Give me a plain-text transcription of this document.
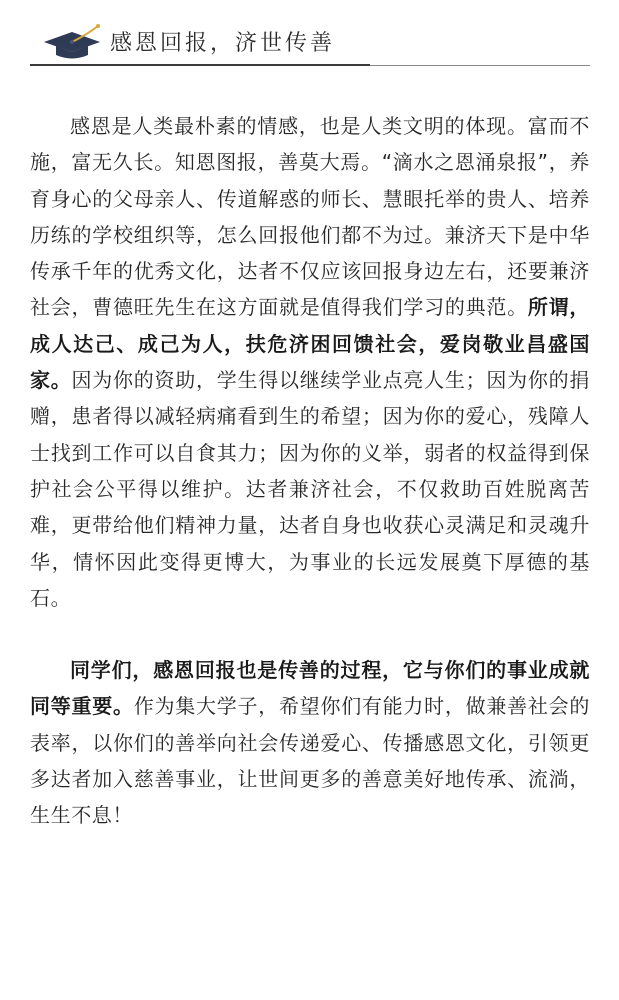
感恩回报，济世传善

感恩是人类最朴素的情感，也是人类文明的体现。富而不施，富无久长。知恩图报，善莫大焉。“滴水之恩涌泉报”，养育身心的父母亲人、传道解惑的师长、慧眼托举的贵人、培养历练的学校组织等，怎么回报他们都不为过。兼济天下是中华传承千年的优秀文化，达者不仅应该回报身边左右，还要兼济社会，曹德旺先生在这方面就是值得我们学习的典范。所谓，成人达己、成己为人，扶危济困回馈社会，爱岗敬业昌盛国家。因为你的资助，学生得以继续学业点亮人生；因为你的捐赠，患者得以减轻病痛看到生的希望；因为你的爱心，残障人士找到工作可以自食其力；因为你的义举，弱者的权益得到保护社会公平得以维护。达者兼济社会，不仅救助百姓脱离苦难，更带给他们精神力量，达者自身也收获心灵满足和灵魂升华，情怀因此变得更博大，为事业的长远发展奠下厚德的基石。

同学们，感恩回报也是传善的过程，它与你们的事业成就同等重要。作为集大学子，希望你们有能力时，做兼善社会的表率，以你们的善举向社会传递爱心、传播感恩文化，引领更多达者加入慈善事业，让世间更多的善意美好地传承、流淌，生生不息！
